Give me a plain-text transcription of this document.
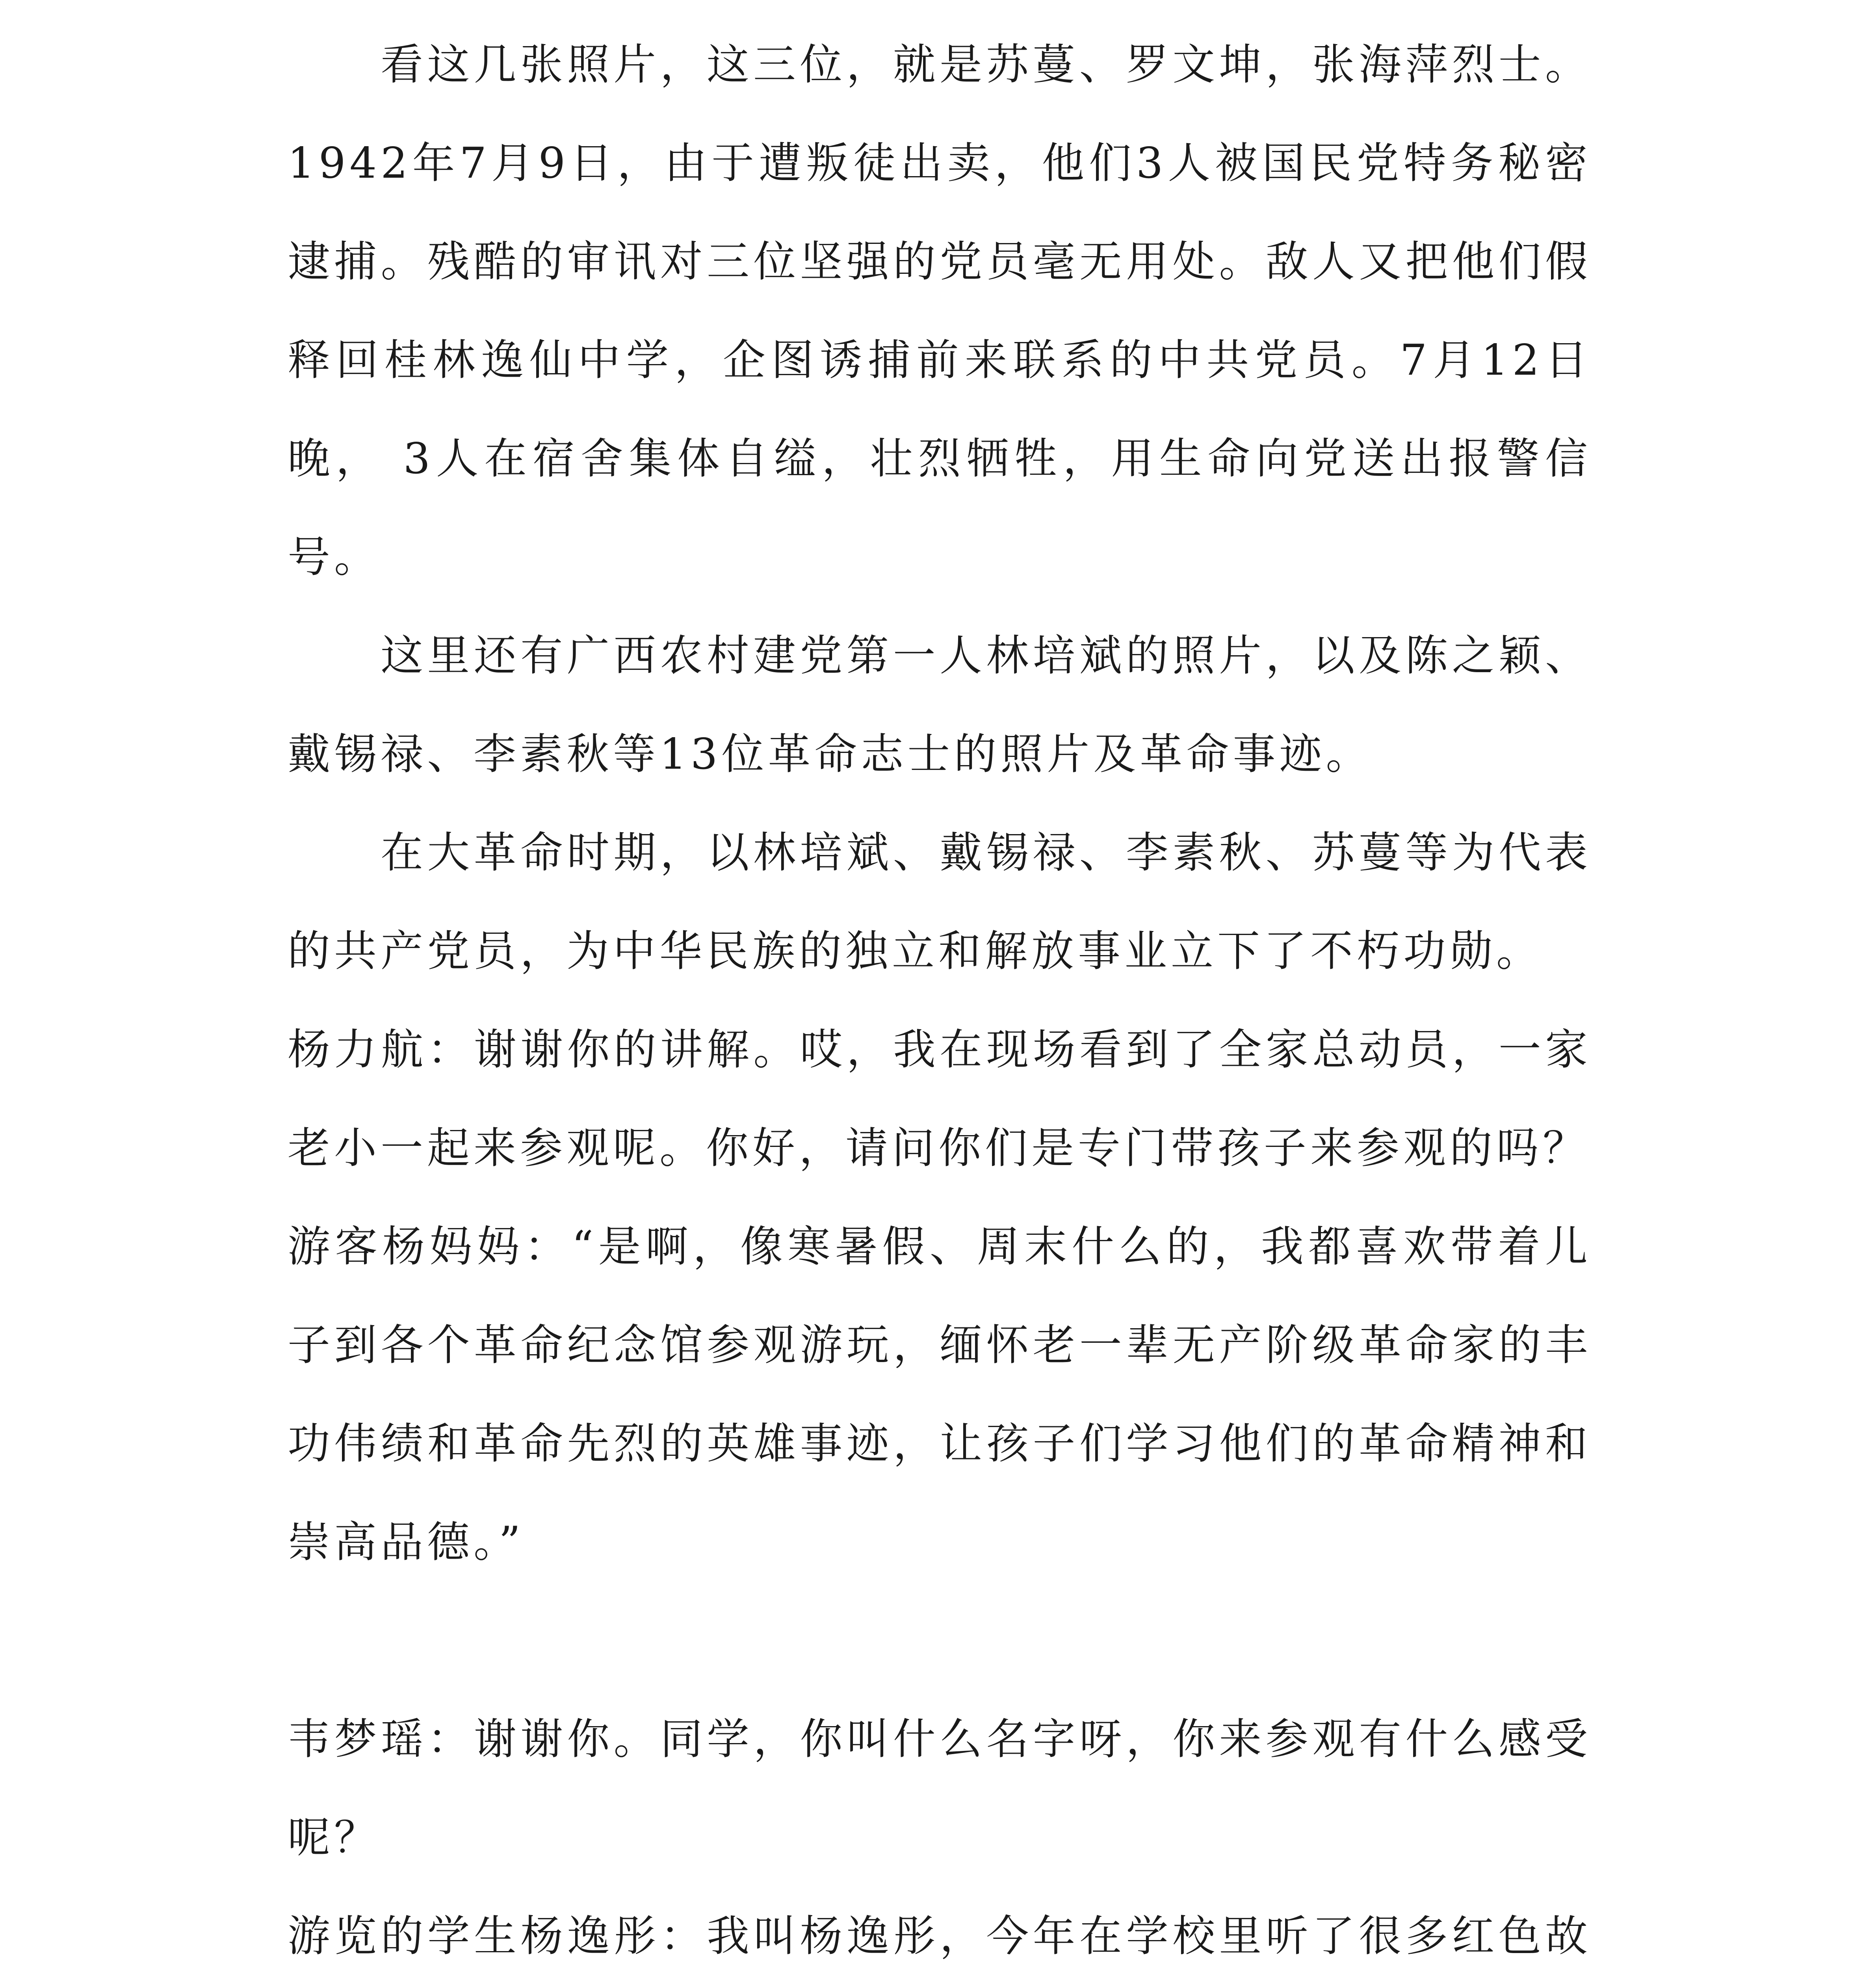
看这几张照片，这三位，就是苏蔓、罗文坤，张海萍烈士。1942年7月9日，由于遭叛徒出卖，他们3人被国民党特务秘密逮捕。残酷的审讯对三位坚强的党员毫无用处。敌人又把他们假释回桂林逸仙中学，企图诱捕前来联系的中共党员。7月12日晚， 3人在宿舍集体自缢，壮烈牺牲，用生命向党送出报警信号。

这里还有广西农村建党第一人林培斌的照片，以及陈之颖、戴锡禄、李素秋等13位革命志士的照片及革命事迹。

在大革命时期，以林培斌、戴锡禄、李素秋、苏蔓等为代表的共产党员，为中华民族的独立和解放事业立下了不朽功勋。

杨力航：谢谢你的讲解。哎，我在现场看到了全家总动员，一家老小一起来参观呢。你好，请问你们是专门带孩子来参观的吗？

游客杨妈妈：“是啊，像寒暑假、周末什么的，我都喜欢带着儿子到各个革命纪念馆参观游玩，缅怀老一辈无产阶级革命家的丰功伟绩和革命先烈的英雄事迹，让孩子们学习他们的革命精神和崇高品德。”

韦梦瑶：谢谢你。同学，你叫什么名字呀，你来参观有什么感受呢？

游览的学生杨逸彤：我叫杨逸彤，今年在学校里听了很多红色故
